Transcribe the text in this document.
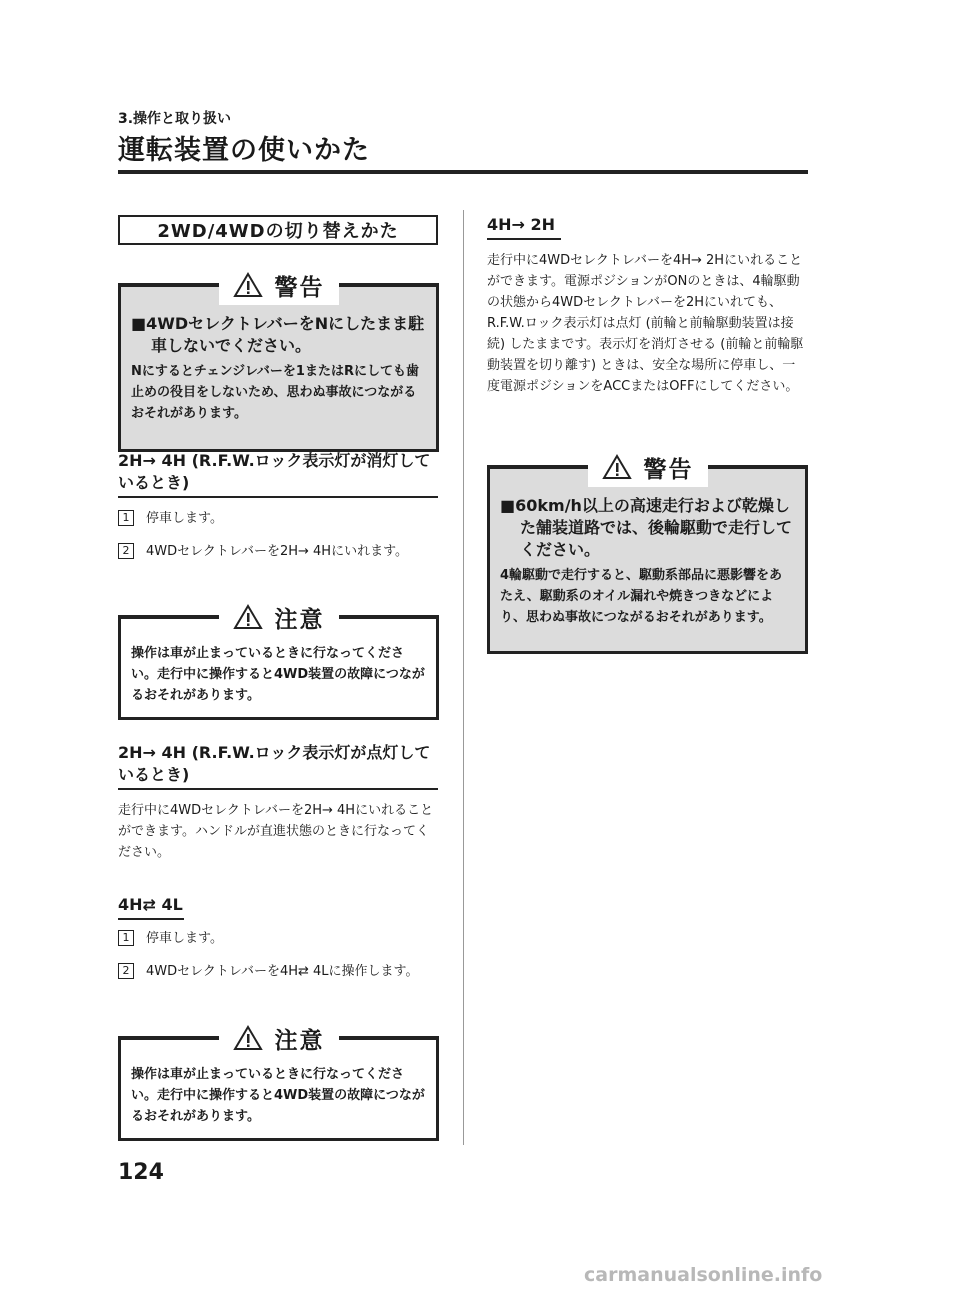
3.操作と取り扱い
運転装置の使いかた
2WD/4WDの切り替えかた
警告
■4WDセレクトレバーをNにしたまま駐車しないでください。
Nにするとチェンジレバーを1またはRにしても歯止めの役目をしないため、思わぬ事故につながるおそれがあります。
2H→ 4H (R.F.W.ロック表示灯が消灯しているとき)
1	停車します。
2	4WDセレクトレバーを2H→ 4Hにいれます。
注意
操作は車が止まっているときに行なってください。走行中に操作すると4WD装置の故障につながるおそれがあります。
2H→ 4H (R.F.W.ロック表示灯が点灯しているとき)
走行中に4WDセレクトレバーを2H→ 4Hにいれることができます。ハンドルが直進状態のときに行なってください。
4H⇄ 4L
1	停車します。
2	4WDセレクトレバーを4H⇄ 4Lに操作します。
注意
操作は車が止まっているときに行なってください。走行中に操作すると4WD装置の故障につながるおそれがあります。
4H→ 2H
走行中に4WDセレクトレバーを4H→ 2Hにいれることができます。電源ポジションがONのときは、4輪駆動の状態から4WDセレクトレバーを2Hにいれても、R.F.W.ロック表示灯は点灯 (前輪と前輪駆動装置は接続) したままです。表示灯を消灯させる (前輪と前輪駆動装置を切り離す) ときは、安全な場所に停車し、一度電源ポジションをACCまたはOFFにしてください。
警告
■60km/h以上の高速走行および乾燥した舗装道路では、後輪駆動で走行してください。
4輪駆動で走行すると、駆動系部品に悪影響をあたえ、駆動系のオイル漏れや焼きつきなどにより、思わぬ事故につながるおそれがあります。
124
carmanualsonline.info
